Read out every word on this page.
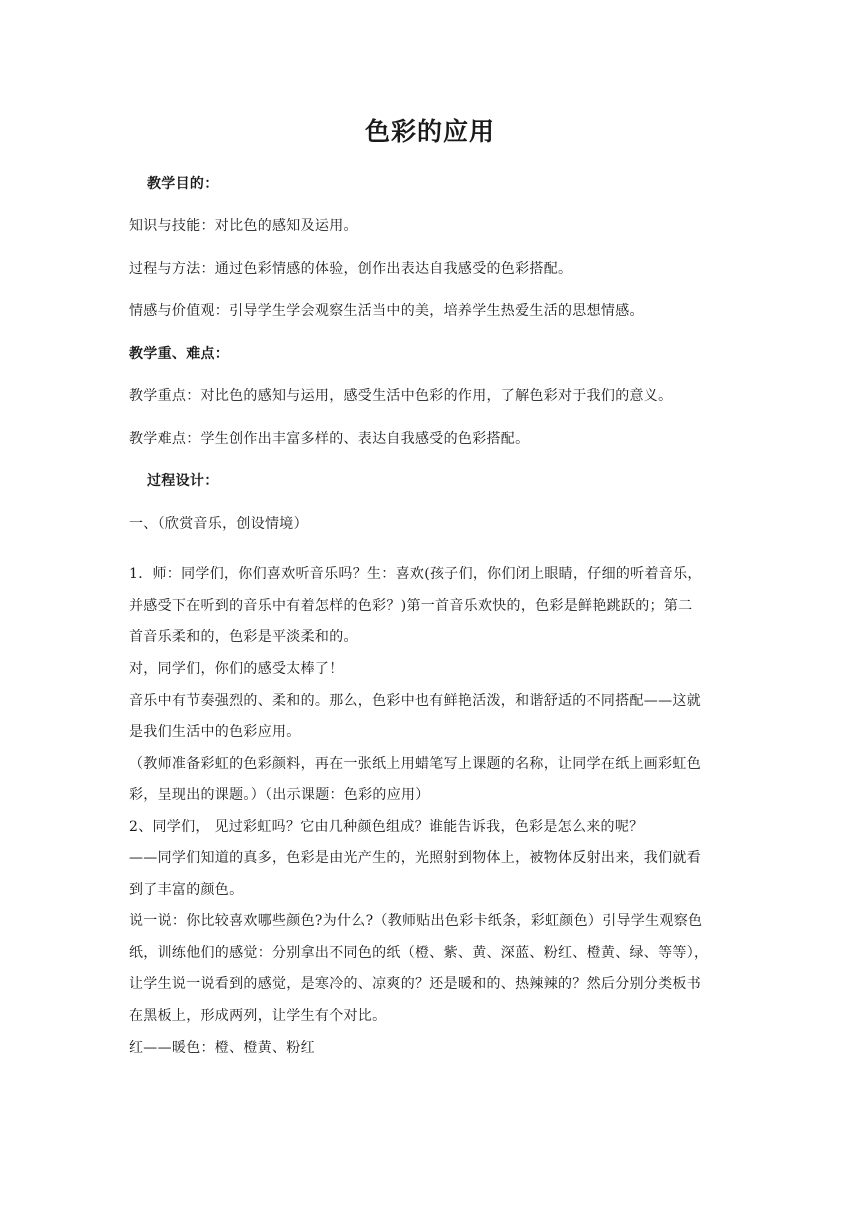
色彩的应用
教学目的：
知识与技能：对比色的感知及运用。
过程与方法：通过色彩情感的体验，创作出表达自我感受的色彩搭配。
情感与价值观：引导学生学会观察生活当中的美，培养学生热爱生活的思想情感。
教学重、难点：
教学重点：对比色的感知与运用，感受生活中色彩的作用，了解色彩对于我们的意义。
教学难点：学生创作出丰富多样的、表达自我感受的色彩搭配。
过程设计：
一、（欣赏音乐，创设情境）
1．师：同学们，你们喜欢听音乐吗？生：喜欢(孩子们，你们闭上眼睛，仔细的听着音乐，
并感受下在听到的音乐中有着怎样的色彩？)第一首音乐欢快的，色彩是鲜艳跳跃的；第二
首音乐柔和的，色彩是平淡柔和的。
对，同学们，你们的感受太棒了！
音乐中有节奏强烈的、柔和的。那么，色彩中也有鲜艳活泼，和谐舒适的不同搭配——这就
是我们生活中的色彩应用。
（教师准备彩虹的色彩颜料，再在一张纸上用蜡笔写上课题的名称，让同学在纸上画彩虹色
彩，呈现出的课题。）（出示课题：色彩的应用）
2、同学们， 见过彩虹吗？它由几种颜色组成？谁能告诉我，色彩是怎么来的呢？
——同学们知道的真多，色彩是由光产生的，光照射到物体上，被物体反射出来，我们就看
到了丰富的颜色。
说一说：你比较喜欢哪些颜色?为什么?（教师贴出色彩卡纸条，彩虹颜色）引导学生观察色
纸，训练他们的感觉：分别拿出不同色的纸（橙、紫、黄、深蓝、粉红、橙黄、绿、等等），
让学生说一说看到的感觉，是寒冷的、凉爽的？还是暖和的、热辣辣的？然后分别分类板书
在黑板上，形成两列，让学生有个对比。
红——暖色：橙、橙黄、粉红
